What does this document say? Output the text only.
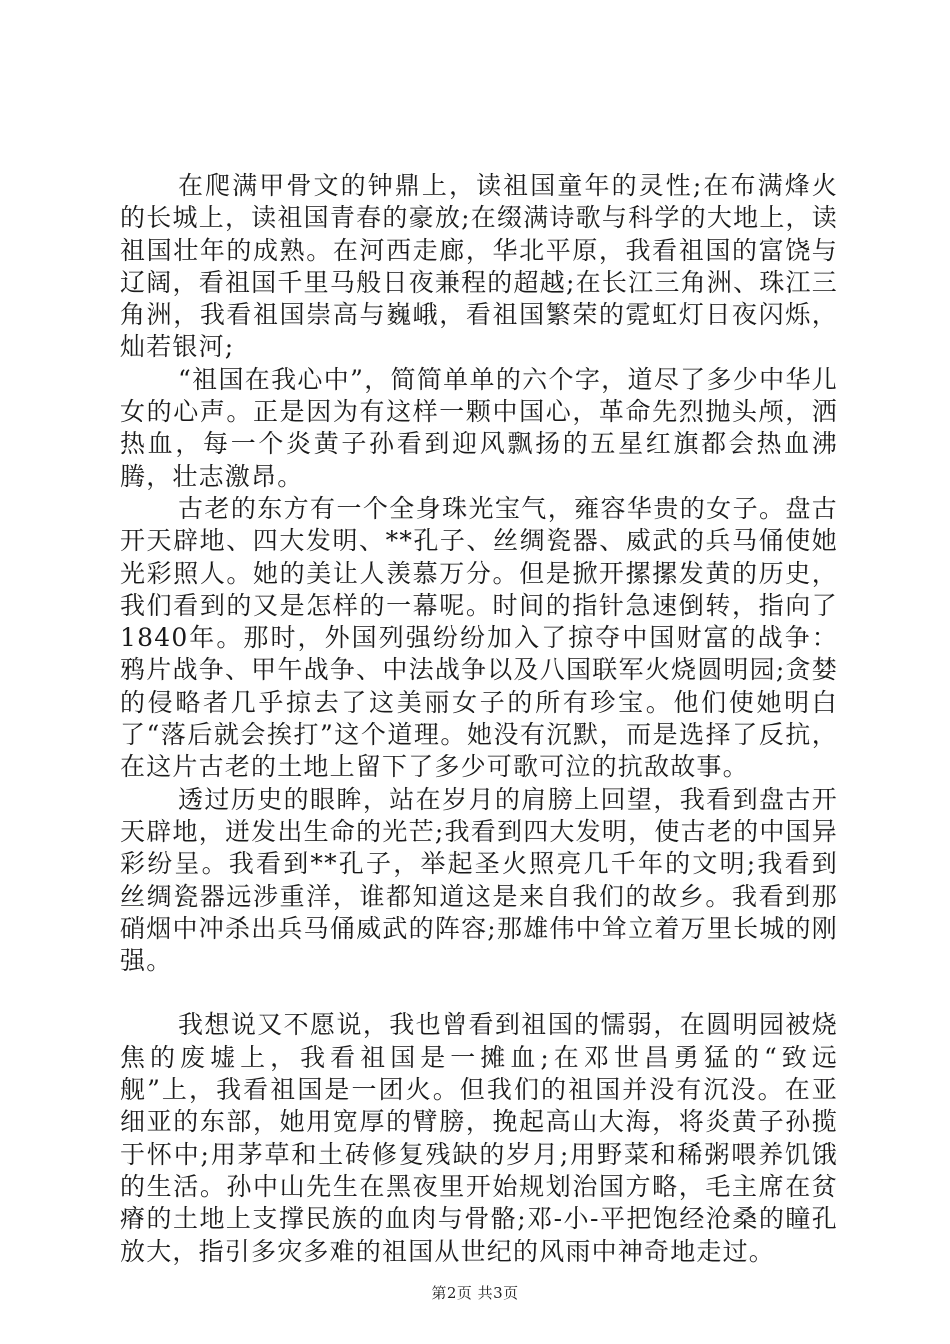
在爬满甲骨文的钟鼎上，读祖国童年的灵性;在布满烽火的长城上，读祖国青春的豪放;在缀满诗歌与科学的大地上，读祖国壮年的成熟。在河西走廊，华北平原，我看祖国的富饶与辽阔，看祖国千里马般日夜兼程的超越;在长江三角洲、珠江三角洲，我看祖国崇高与巍峨，看祖国繁荣的霓虹灯日夜闪烁，灿若银河;

“祖国在我心中”，简简单单的六个字，道尽了多少中华儿女的心声。正是因为有这样一颗中国心，革命先烈抛头颅，洒热血，每一个炎黄子孙看到迎风飘扬的五星红旗都会热血沸腾，壮志激昂。

古老的东方有一个全身珠光宝气，雍容华贵的女子。盘古开天辟地、四大发明、**孔子、丝绸瓷器、威武的兵马俑使她光彩照人。她的美让人羡慕万分。但是掀开摞摞发黄的历史，我们看到的又是怎样的一幕呢。时间的指针急速倒转，指向了1840年。那时，外国列强纷纷加入了掠夺中国财富的战争：鸦片战争、甲午战争、中法战争以及八国联军火烧圆明园;贪婪的侵略者几乎掠去了这美丽女子的所有珍宝。他们使她明白了“落后就会挨打”这个道理。她没有沉默，而是选择了反抗，在这片古老的土地上留下了多少可歌可泣的抗敌故事。

透过历史的眼眸，站在岁月的肩膀上回望，我看到盘古开天辟地，迸发出生命的光芒;我看到四大发明，使古老的中国异彩纷呈。我看到**孔子，举起圣火照亮几千年的文明;我看到丝绸瓷器远涉重洋，谁都知道这是来自我们的故乡。我看到那硝烟中冲杀出兵马俑威武的阵容;那雄伟中耸立着万里长城的刚强。

我想说又不愿说，我也曾看到祖国的懦弱，在圆明园被烧焦的废墟上，我看祖国是一摊血;在邓世昌勇猛的“致远舰”上，我看祖国是一团火。但我们的祖国并没有沉没。在亚细亚的东部，她用宽厚的臂膀，挽起高山大海，将炎黄子孙揽于怀中;用茅草和土砖修复残缺的岁月;用野菜和稀粥喂养饥饿的生活。孙中山先生在黑夜里开始规划治国方略，毛主席在贫瘠的土地上支撑民族的血肉与骨骼;邓-小-平把饱经沧桑的瞳孔放大，指引多灾多难的祖国从世纪的风雨中神奇地走过。

第2页 共3页
